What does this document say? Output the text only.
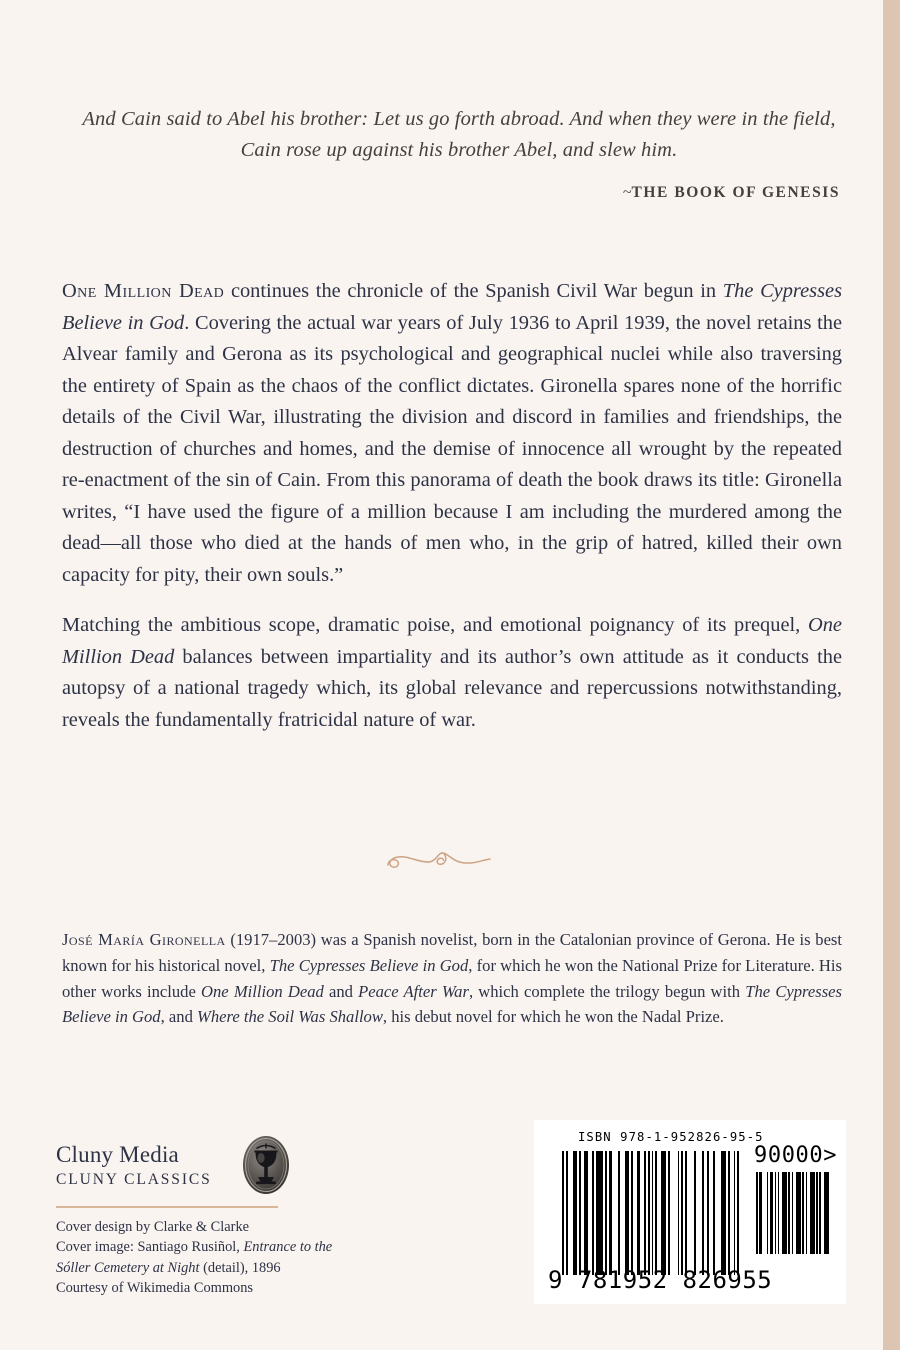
And Cain said to Abel his brother: Let us go forth abroad. And when they were in the field, Cain rose up against his brother Abel, and slew him.

~THE BOOK OF GENESIS

One Million Dead continues the chronicle of the Spanish Civil War begun in The Cypresses Believe in God. Covering the actual war years of July 1936 to April 1939, the novel retains the Alvear family and Gerona as its psychological and geographical nuclei while also traversing the entirety of Spain as the chaos of the conflict dictates. Gironella spares none of the horrific details of the Civil War, illustrating the division and discord in families and friendships, the destruction of churches and homes, and the demise of innocence all wrought by the repeated re-enactment of the sin of Cain. From this panorama of death the book draws its title: Gironella writes, “I have used the figure of a million because I am including the murdered among the dead—all those who died at the hands of men who, in the grip of hatred, killed their own capacity for pity, their own souls.”

Matching the ambitious scope, dramatic poise, and emotional poignancy of its prequel, One Million Dead balances between impartiality and its author’s own attitude as it conducts the autopsy of a national tragedy which, its global relevance and repercussions notwithstanding, reveals the fundamentally fratricidal nature of war.

José María Gironella (1917–2003) was a Spanish novelist, born in the Catalonian province of Gerona. He is best known for his historical novel, The Cypresses Believe in God, for which he won the National Prize for Literature. His other works include One Million Dead and Peace After War, which complete the trilogy begun with The Cypresses Believe in God, and Where the Soil Was Shallow, his debut novel for which he won the Nadal Prize.

Cluny Media
CLUNY CLASSICS
Cover design by Clarke & Clarke
Cover image: Santiago Rusiñol, Entrance to the
Sóller Cemetery at Night (detail), 1896
Courtesy of Wikimedia Commons
ISBN 978-1-952826-95-5
90000>
9 781952 826955
